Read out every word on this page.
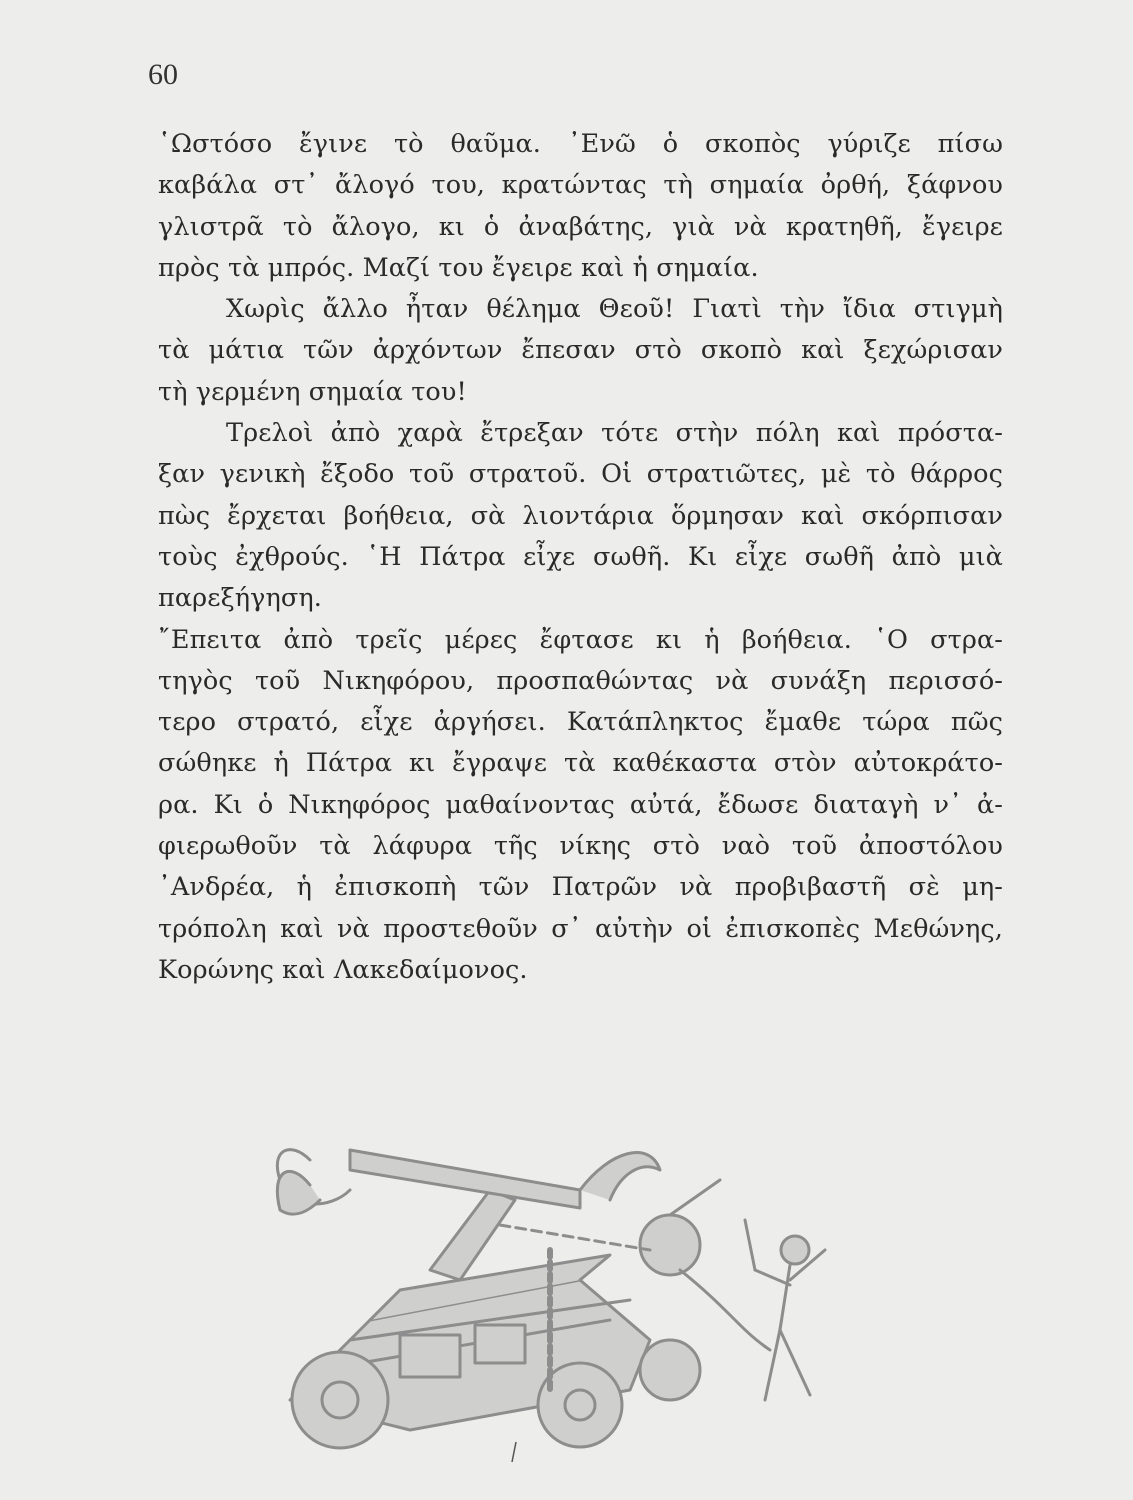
60
῾Ωστόσο ἔγινε τὸ θαῦμα. ᾿Ενῶ ὁ σκοπὸς γύριζε πίσω
καβάλα στ᾿ ἄλογό του, κρατώντας τὴ σημαία ὀρθή, ξάφνου
γλιστρᾶ τὸ ἄλογο, κι ὁ ἀναβάτης, γιὰ νὰ κρατηθῆ, ἔγειρε
πρὸς τὰ μπρός. Μαζί του ἔγειρε καὶ ἡ σημαία.
Χωρὶς ἄλλο ἦταν θέλημα Θεοῦ! Γιατὶ τὴν ἴδια στιγμὴ
τὰ μάτια τῶν ἀρχόντων ἔπεσαν στὸ σκοπὸ καὶ ξεχώρισαν
τὴ γερμένη σημαία του!
Τρελοὶ ἀπὸ χαρὰ ἔτρεξαν τότε στὴν πόλη καὶ πρόστα-
ξαν γενικὴ ἔξοδο τοῦ στρατοῦ. Οἱ στρατιῶτες, μὲ τὸ θάρρος
πὼς ἔρχεται βοήθεια, σὰ λιοντάρια ὅρμησαν καὶ σκόρπισαν
τοὺς ἐχθρούς. ῾Η Πάτρα εἶχε σωθῆ. Κι εἶχε σωθῆ ἀπὸ μιὰ
παρεξήγηση.
῎Επειτα ἀπὸ τρεῖς μέρες ἔφτασε κι ἡ βοήθεια. ῾Ο στρα-
τηγὸς τοῦ Νικηφόρου, προσπαθώντας νὰ συνάξη περισσό-
τερο στρατό, εἶχε ἀργήσει. Κατάπληκτος ἔμαθε τώρα πῶς
σώθηκε ἡ Πάτρα κι ἔγραψε τὰ καθέκαστα στὸν αὐτοκράτο-
ρα. Κι ὁ Νικηφόρος μαθαίνοντας αὐτά, ἔδωσε διαταγὴ ν᾿ ἀ-
φιερωθοῦν τὰ λάφυρα τῆς νίκης στὸ ναὸ τοῦ ἀποστόλου
᾿Ανδρέα, ἡ ἐπισκοπὴ τῶν Πατρῶν νὰ προβιβαστῆ σὲ μη-
τρόπολη καὶ νὰ προστεθοῦν σ᾿ αὐτὴν οἱ ἐπισκοπὲς Μεθώνης,
Κορώνης καὶ Λακεδαίμονος.
